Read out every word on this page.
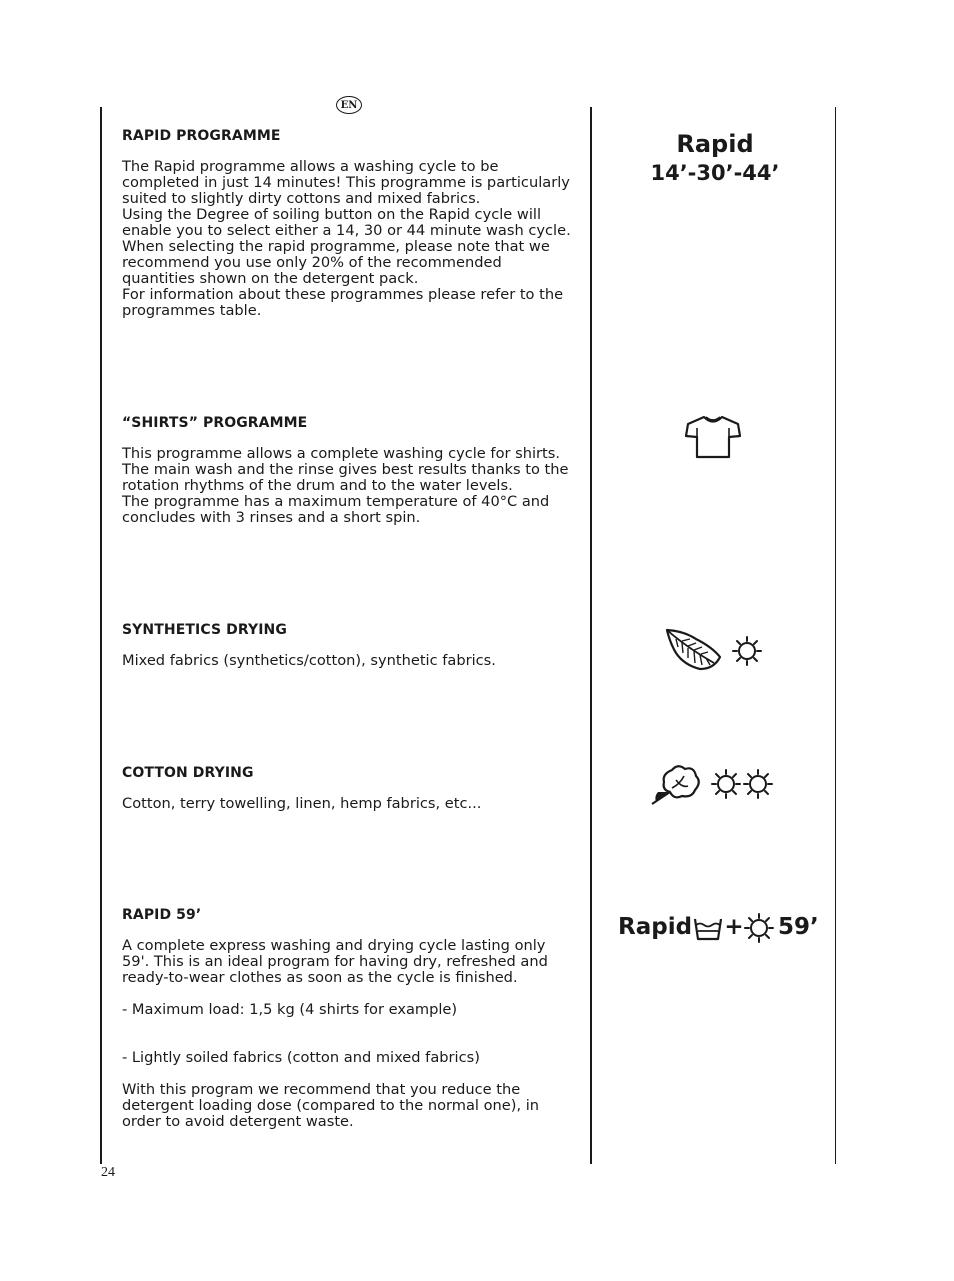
EN
RAPID PROGRAMME

The Rapid programme allows a washing cycle to be
completed in just 14 minutes! This programme is particularly
suited to slightly dirty cottons and mixed fabrics.
Using the Degree of soiling button on the Rapid cycle will
enable you to select either a 14, 30 or 44 minute wash cycle.
When selecting the rapid programme, please note that we
recommend you use only 20% of the recommended
quantities shown on the detergent pack.
For information about these programmes please refer to the
programmes table.

“SHIRTS” PROGRAMME

This programme allows a complete washing cycle for shirts.
The main wash and the rinse gives best results thanks to the
rotation rhythms of the drum and to the water levels.
The programme has a maximum temperature of 40°C and
concludes with 3 rinses and a short spin.

SYNTHETICS DRYING

Mixed fabrics (synthetics/cotton), synthetic fabrics.

COTTON DRYING

Cotton, terry towelling, linen, hemp fabrics, etc...

RAPID 59’

A complete express washing and drying cycle lasting only
59'. This is an ideal program for having dry, refreshed and
ready-to-wear clothes as soon as the cycle is finished.

- Maximum load: 1,5 kg (4 shirts for example)

- Lightly soiled fabrics (cotton and mixed fabrics)

With this program we recommend that you reduce the
detergent loading dose (compared to the normal one), in
order to avoid detergent waste.

Rapid
14’-30’-44’
Rapid + 59’
24
